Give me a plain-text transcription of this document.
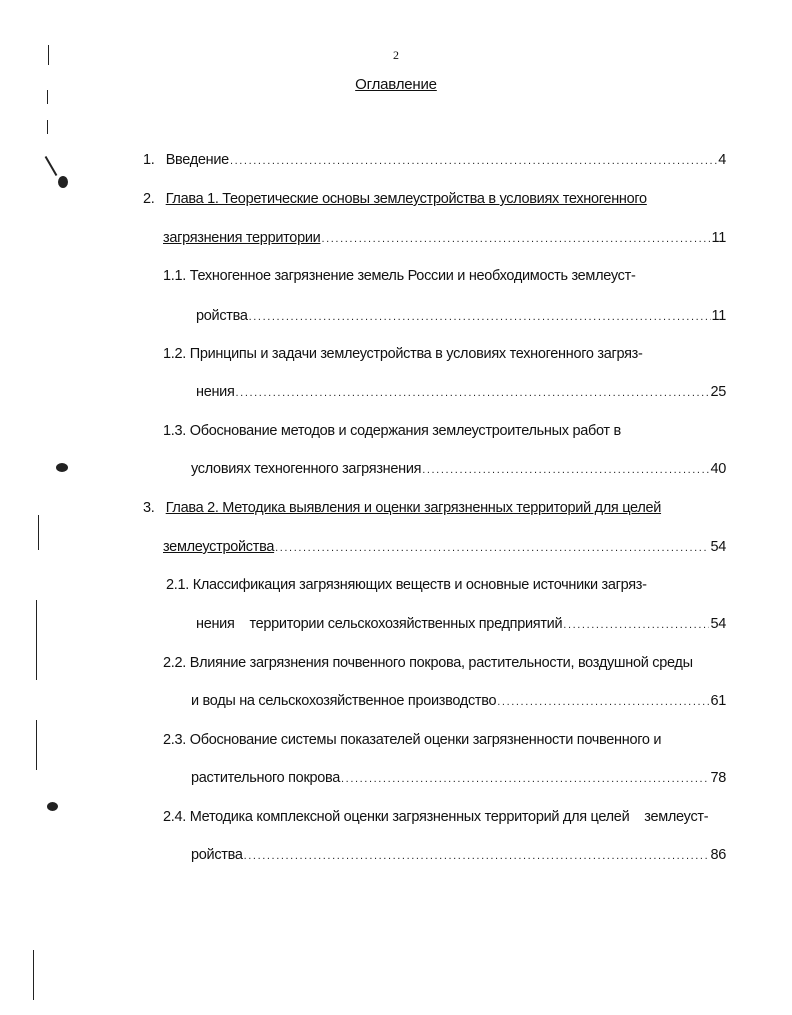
2
Оглавление
1. Введение .....	4
2. Глава 1. Теоретические основы землеустройства в условиях техногенного
загрязнения территории .....	11
1.1. Техногенное загрязнение земель России и необходимость землеуст-
ройства .....	11
1.2. Принципы и задачи землеустройства в условиях техногенного загряз-
нения .....	25
1.3. Обоснование методов и содержания землеустроительных работ в
условиях техногенного загрязнения .....	40
3. Глава 2. Методика выявления и оценки загрязненных территорий для целей
землеустройства .....	54
2.1. Классификация загрязняющих веществ и основные источники загряз-
нения    территории сельскохозяйственных предприятий .....	54
2.2. Влияние загрязнения почвенного покрова, растительности, воздушной среды
и воды на сельскохозяйственное производство .....	61
2.3. Обоснование системы показателей оценки загрязненности почвенного и
растительного покрова .....	78
2.4. Методика комплексной оценки загрязненных территорий для целей    землеуст-
ройства .....	86
